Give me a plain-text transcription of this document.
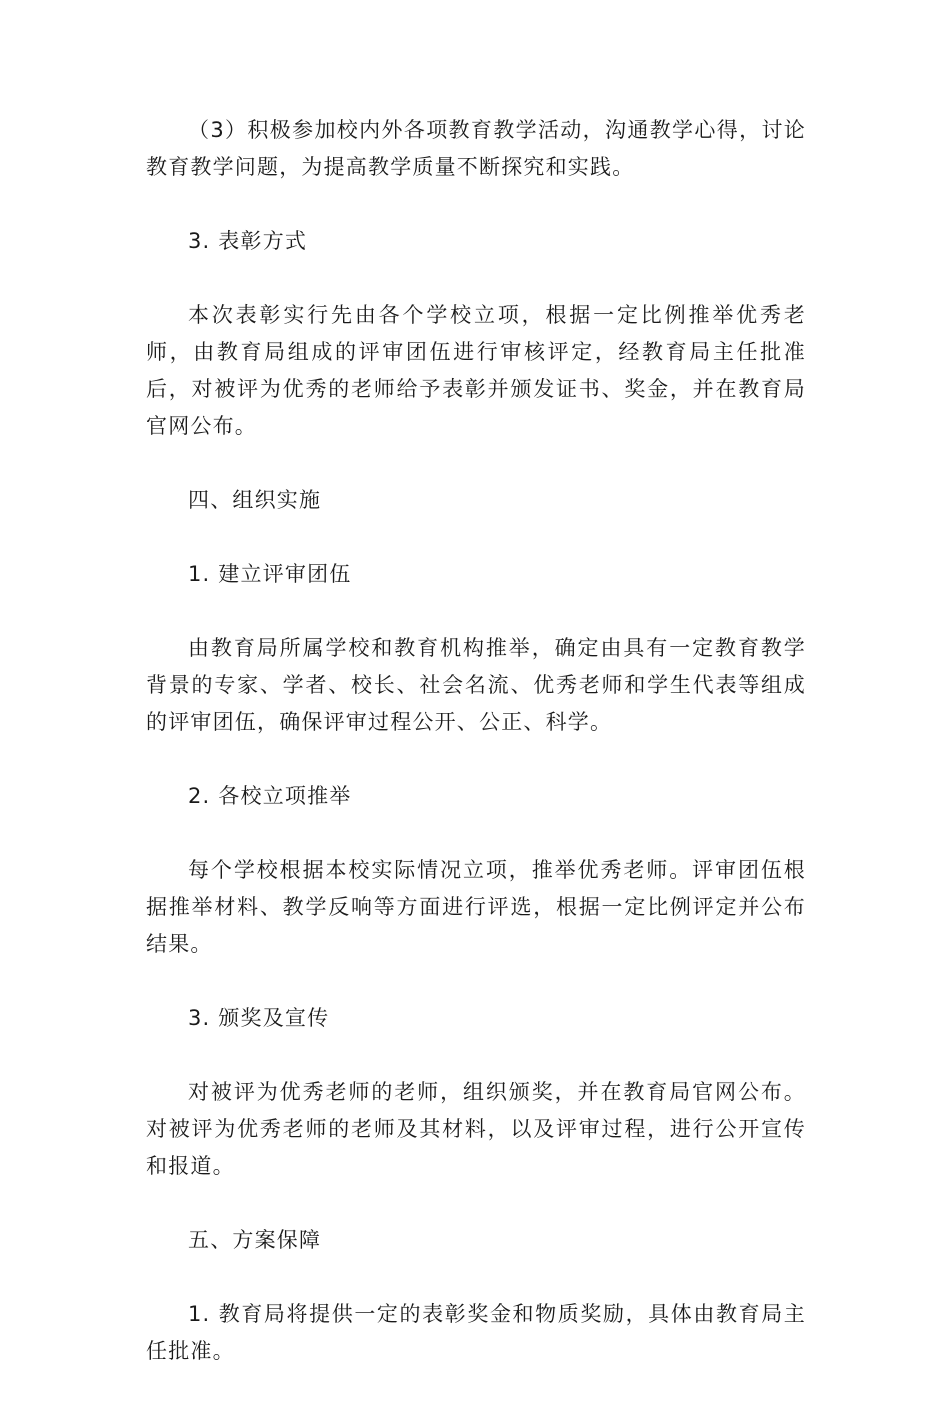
（3）积极参加校内外各项教育教学活动，沟通教学心得，讨论教育教学问题，为提高教学质量不断探究和实践。

3. 表彰方式

本次表彰实行先由各个学校立项，根据一定比例推举优秀老师，由教育局组成的评审团伍进行审核评定，经教育局主任批准后，对被评为优秀的老师给予表彰并颁发证书、奖金，并在教育局官网公布。

四、组织实施

1. 建立评审团伍

由教育局所属学校和教育机构推举，确定由具有一定教育教学背景的专家、学者、校长、社会名流、优秀老师和学生代表等组成的评审团伍，确保评审过程公开、公正、科学。

2. 各校立项推举

每个学校根据本校实际情况立项，推举优秀老师。评审团伍根据推举材料、教学反响等方面进行评选，根据一定比例评定并公布结果。

3. 颁奖及宣传

对被评为优秀老师的老师，组织颁奖，并在教育局官网公布。对被评为优秀老师的老师及其材料，以及评审过程，进行公开宣传和报道。

五、方案保障

1. 教育局将提供一定的表彰奖金和物质奖励，具体由教育局主任批准。
